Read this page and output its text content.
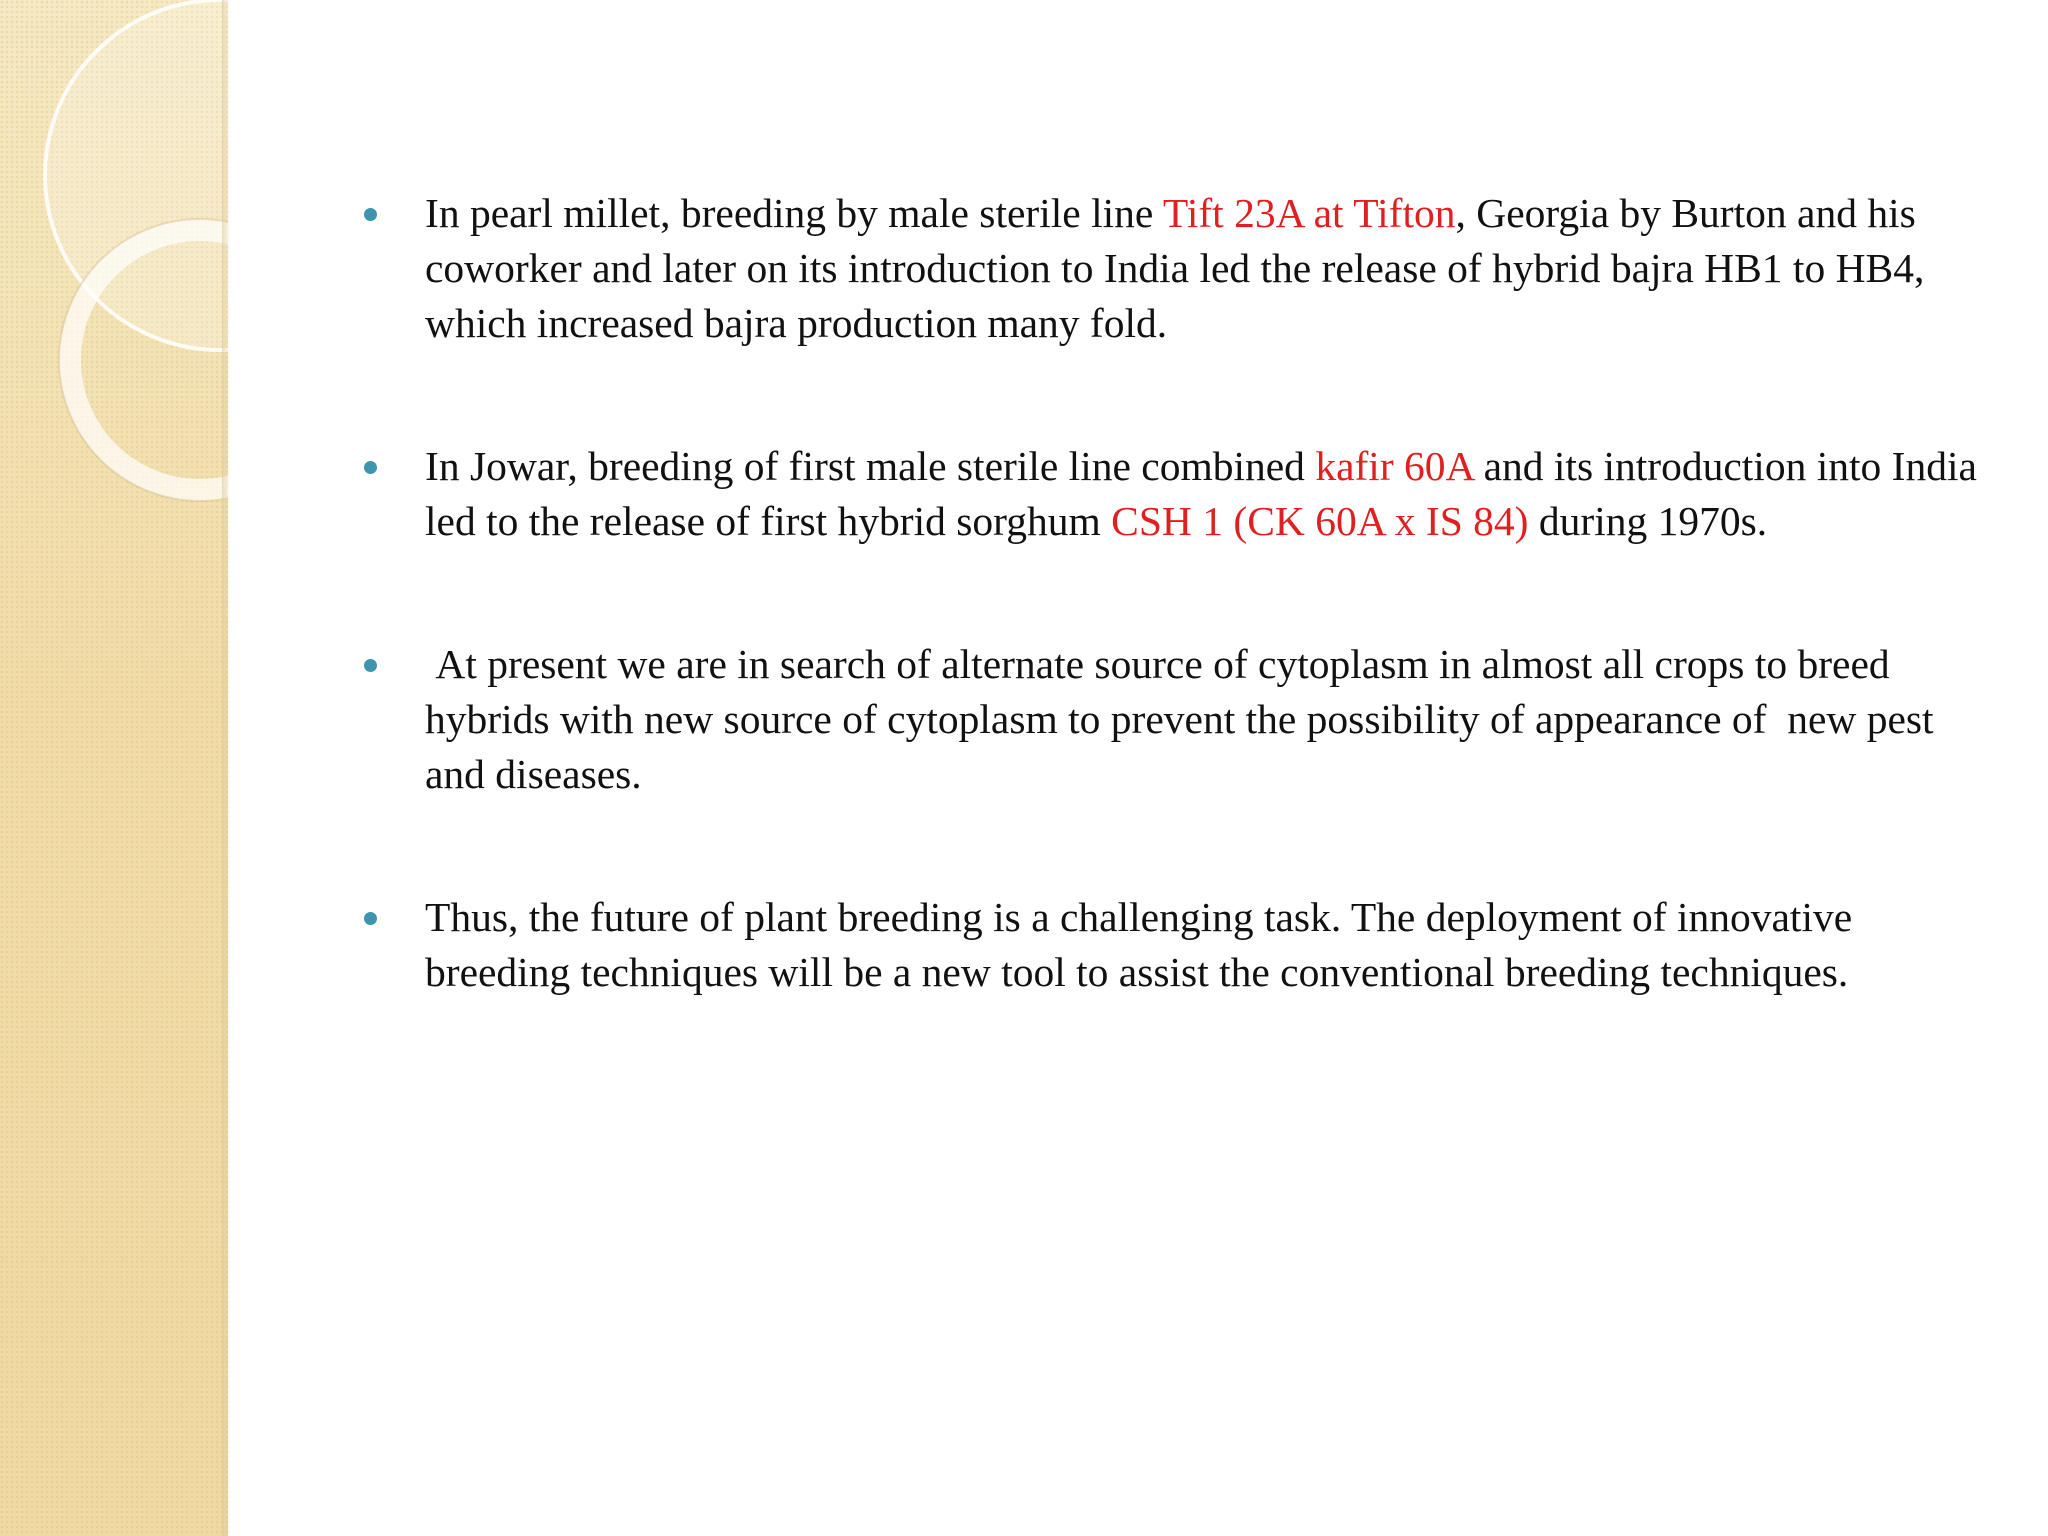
In pearl millet, breeding by male sterile line Tift 23A at Tifton, Georgia by Burton and his coworker and later on its introduction to India led the release of hybrid bajra HB1 to HB4, which increased bajra production many fold.
In Jowar, breeding of first male sterile line combined kafir 60A and its introduction into India led to the release of first hybrid sorghum CSH 1 (CK 60A x IS 84) during 1970s.
At present we are in search of alternate source of cytoplasm in almost all crops to breed hybrids with new source of cytoplasm to prevent the possibility of appearance of  new pest and diseases.
Thus, the future of plant breeding is a challenging task. The deployment of innovative breeding techniques will be a new tool to assist the conventional breeding techniques.
